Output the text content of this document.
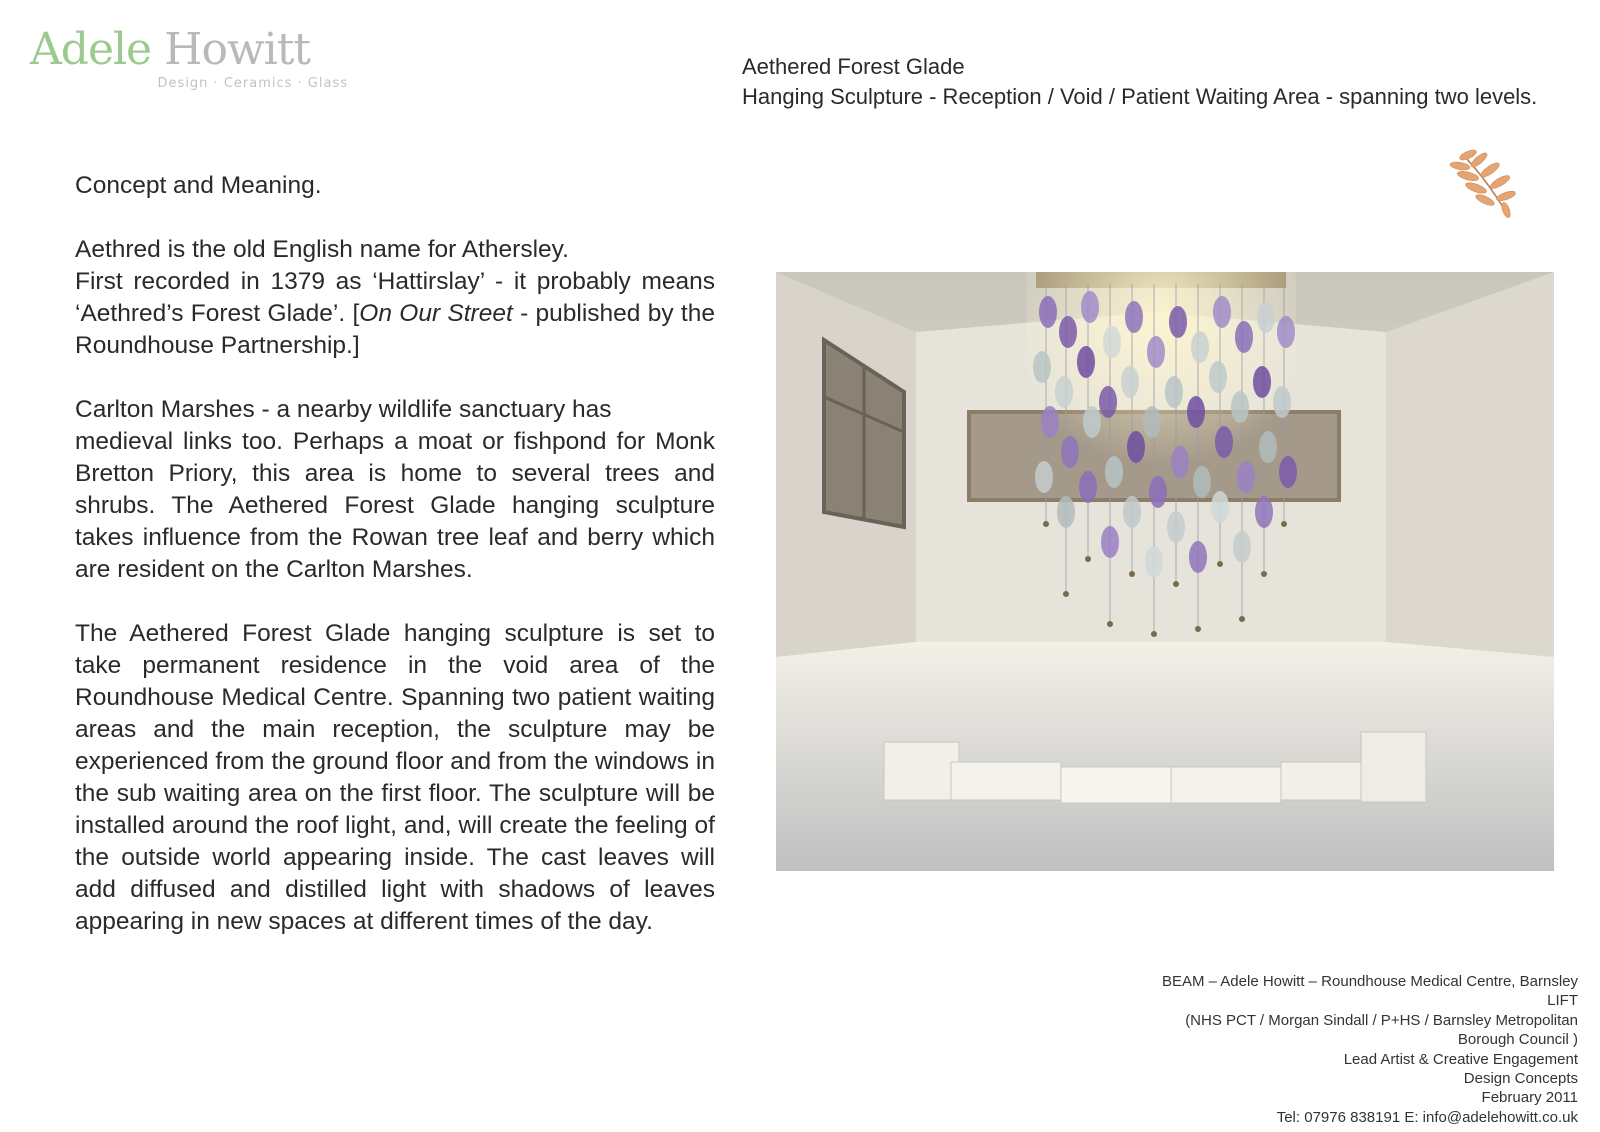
Adele Howitt
Design · Ceramics · Glass
Aethered Forest Glade
Hanging Sculpture - Reception / Void / Patient Waiting Area - spanning two levels.

Concept and Meaning.

Aethred is the old English name for Athersley.
First recorded in 1379 as ‘Hattirslay’ - it probably means ‘Aethred’s Forest Glade’. [On Our Street - published by the Roundhouse Partnership.]

Carlton Marshes - a nearby wildlife sanctuary has
medieval links too. Perhaps a moat or fishpond for Monk Bretton Priory, this area is home to several trees and shrubs. The Aethered Forest Glade hanging sculpture takes influence from the Rowan tree leaf and berry which are resident on the Carlton Marshes.

The Aethered Forest Glade hanging sculpture is set to take permanent residence in the void area of the Roundhouse Medical Centre. Spanning two patient waiting areas and the main reception, the sculpture may be experienced from the ground floor and from the windows in the sub waiting area on the first floor. The sculpture will be installed around the roof light, and, will create the feeling of the outside world appearing inside. The cast leaves will add diffused and distilled light with shadows of leaves appearing in new spaces at different times of the day.

BEAM – Adele Howitt – Roundhouse Medical Centre, Barnsley
LIFT
(NHS PCT / Morgan Sindall / P+HS / Barnsley Metropolitan
Borough Council )
Lead Artist & Creative Engagement
Design Concepts
February 2011
Tel: 07976 838191 E: info@adelehowitt.co.uk
